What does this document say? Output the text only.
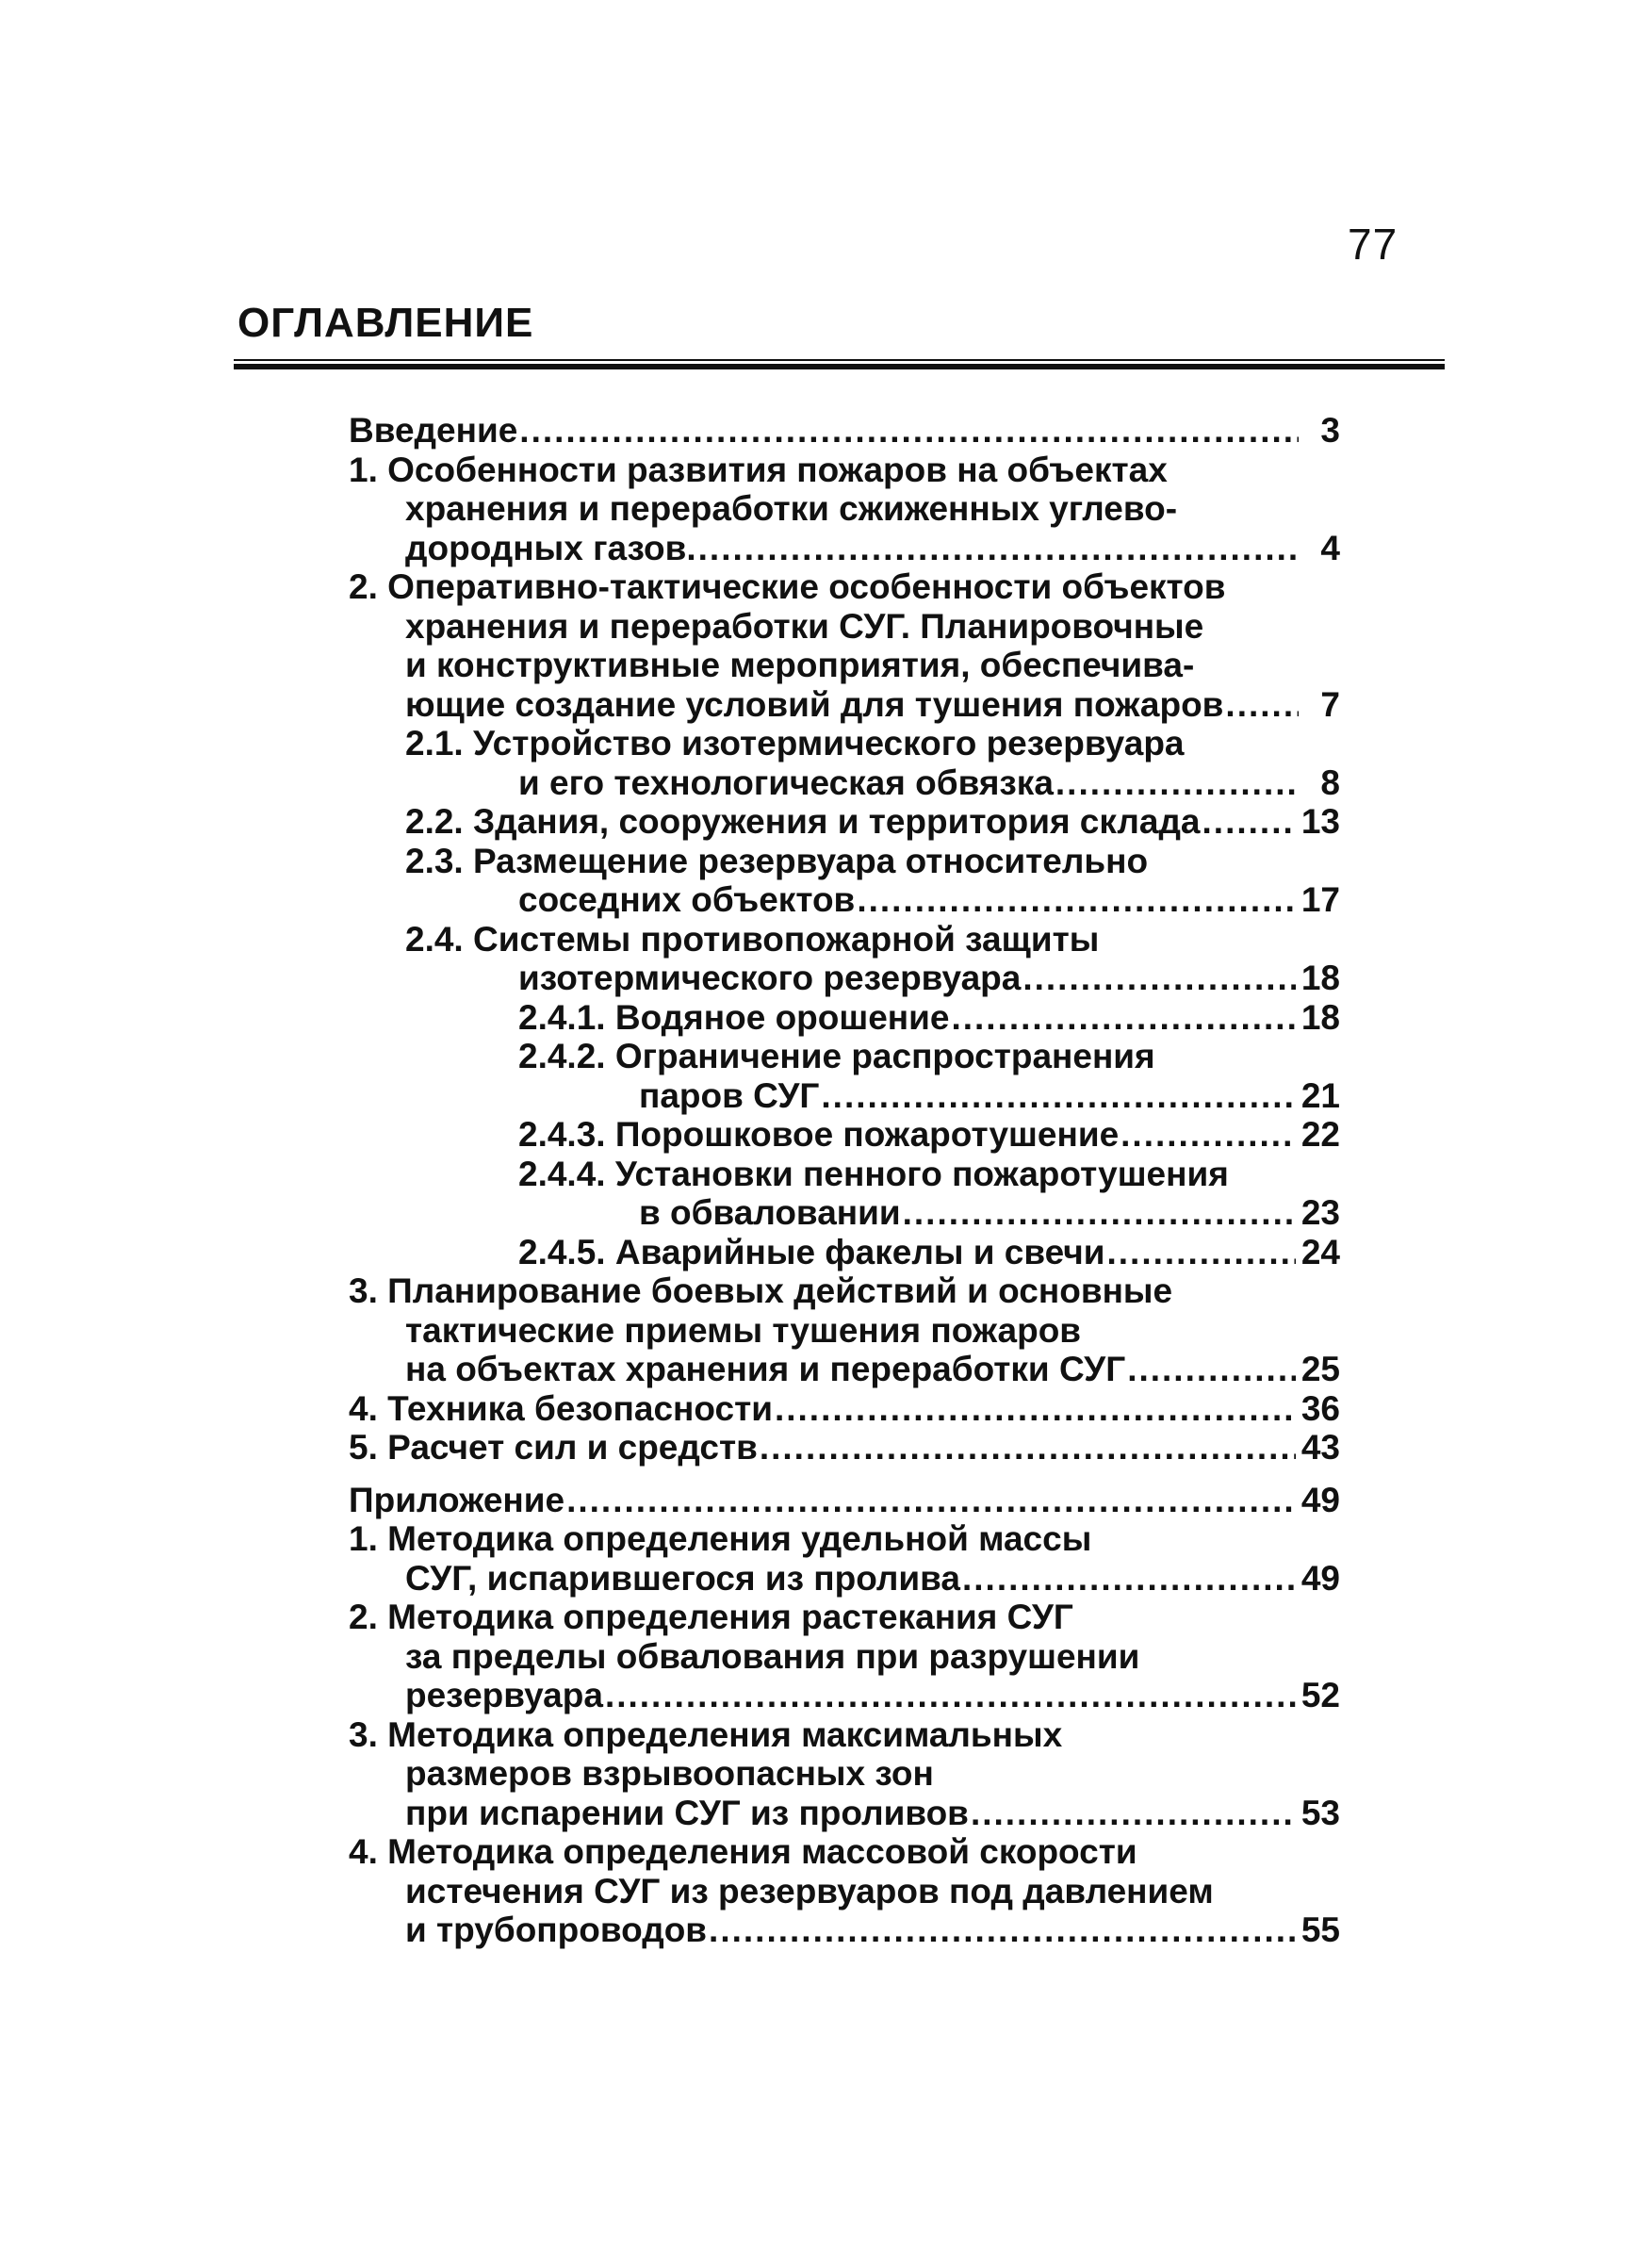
77
ОГЛАВЛЕНИЕ
Введение .....	3
1. Особенности развития пожаров на объектах
хранения и переработки сжиженных углево-
дородных газов. .....	4
2. Оперативно-тактические особенности объектов
хранения и переработки СУГ. Планировочные
и конструктивные мероприятия, обеспечива-
ющие создание условий для тушения пожаров .....	7
2.1. Устройство изотермического резервуара
и его технологическая обвязка .....	8
2.2. Здания, сооружения и территория склада .....	13
2.3. Размещение резервуара относительно
соседних объектов .....	17
2.4. Системы противопожарной защиты
изотермического резервуара .....	18
2.4.1. Водяное орошение .....	18
2.4.2. Ограничение распространения
паров СУГ .....	21
2.4.3. Порошковое пожаротушение .....	22
2.4.4. Установки пенного пожаротушения
в обваловании .....	23
2.4.5. Аварийные факелы и свечи .....	24
3. Планирование боевых действий и основные
тактические приемы тушения пожаров
на объектах хранения и переработки СУГ .....	25
4. Техника безопасности .....	36
5. Расчет сил и средств .....	43
Приложение .....	49
1. Методика определения удельной массы
СУГ, испарившегося из пролива .....	49
2. Методика определения растекания СУГ
за пределы обвалования при разрушении
резервуара .....	52
3. Методика определения максимальных
размеров взрывоопасных зон
при испарении СУГ из проливов .....	53
4. Методика определения массовой скорости
истечения СУГ из резервуаров под давлением
и трубопроводов .....	55
